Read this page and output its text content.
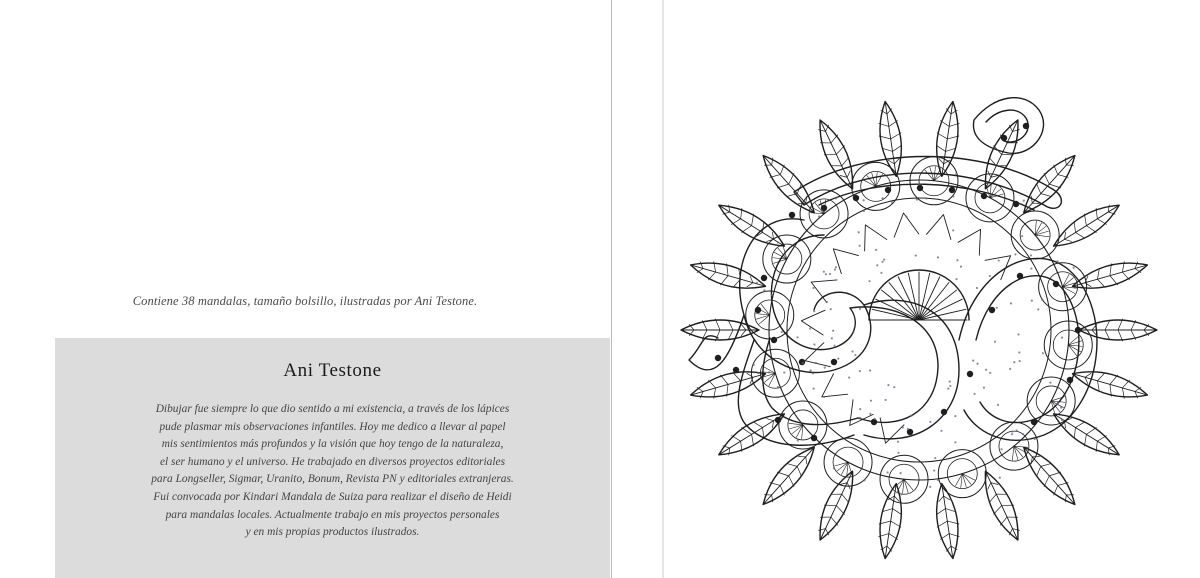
Contiene 38 mandalas, tamaño bolsillo, ilustradas por Ani Testone.
Ani Testone

Dibujar fue siempre lo que dio sentido a mi existencia, a través de los lápices
pude plasmar mis observaciones infantiles. Hoy me dedico a llevar al papel
mis sentimientos más profundos y la visión que hoy tengo de la naturaleza,
el ser humano y el universo. He trabajado en diversos proyectos editoriales
para Longseller, Sigmar, Uranito, Bonum, Revista PN y editoriales extranjeras.
Fui convocada por Kindari Mandala de Suiza para realizar el diseño de Heidi
para mandalas locales. Actualmente trabajo en mis proyectos personales
y en mis propias productos ilustrados.
